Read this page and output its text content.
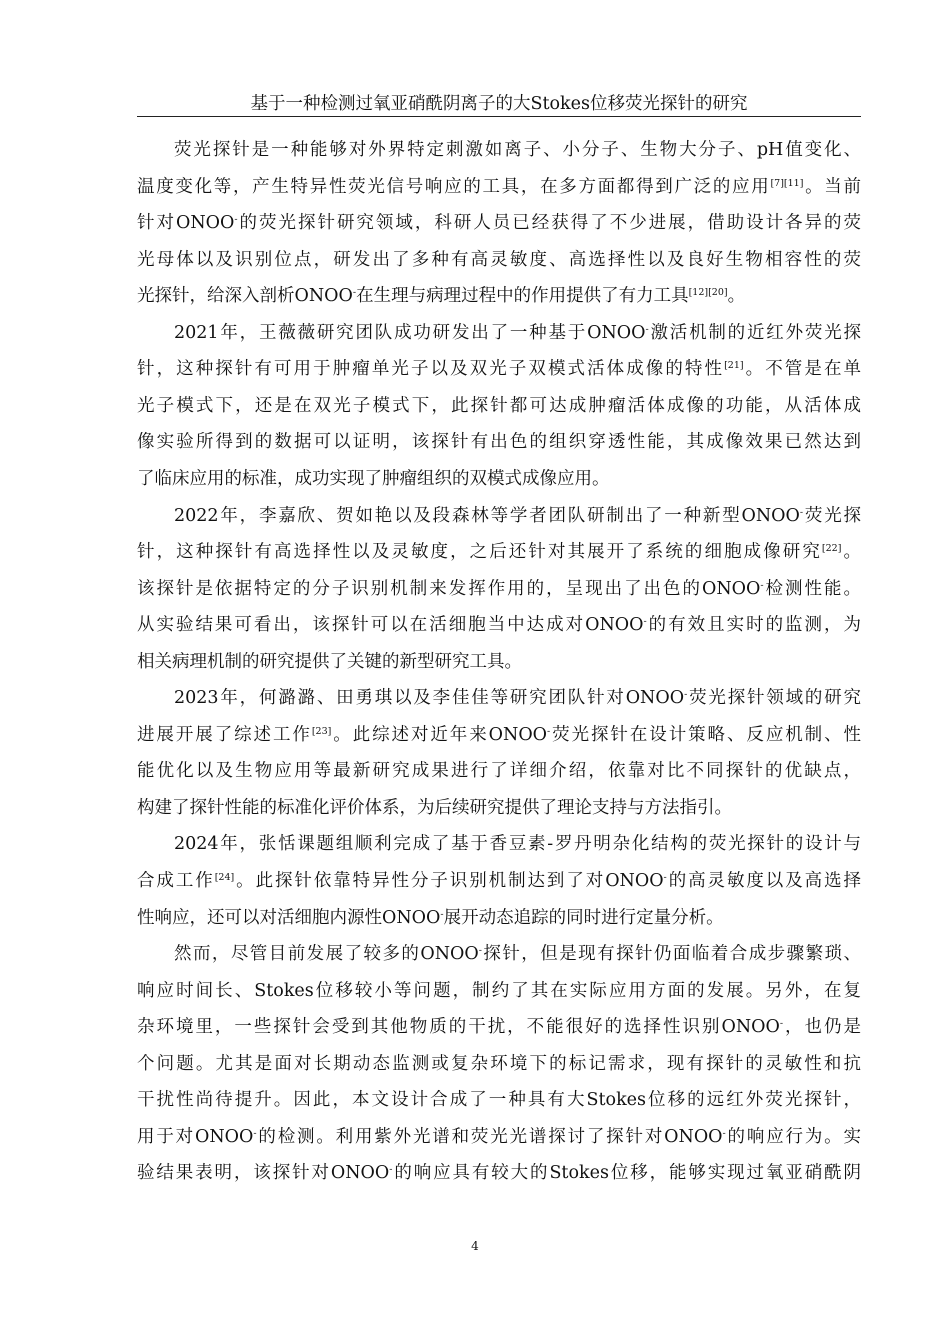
基于一种检测过氧亚硝酰阴离子的大Stokes位移荧光探针的研究
荧光探针是一种能够对外界特定刺激如离子、小分子、生物大分子、pH值变化、
温度变化等，产生特异性荧光信号响应的工具，在多方面都得到广泛的应用[7][11]。当前
针对ONOO-的荧光探针研究领域，科研人员已经获得了不少进展，借助设计各异的荧
光母体以及识别位点，研发出了多种有高灵敏度、高选择性以及良好生物相容性的荧
光探针，给深入剖析ONOO-在生理与病理过程中的作用提供了有力工具[12][20]。
2021年，王薇薇研究团队成功研发出了一种基于ONOO-激活机制的近红外荧光探
针，这种探针有可用于肿瘤单光子以及双光子双模式活体成像的特性[21]。不管是在单
光子模式下，还是在双光子模式下，此探针都可达成肿瘤活体成像的功能，从活体成
像实验所得到的数据可以证明，该探针有出色的组织穿透性能，其成像效果已然达到
了临床应用的标准，成功实现了肿瘤组织的双模式成像应用。
2022年，李嘉欣、贺如艳以及段森林等学者团队研制出了一种新型ONOO-荧光探
针，这种探针有高选择性以及灵敏度，之后还针对其展开了系统的细胞成像研究[22]。
该探针是依据特定的分子识别机制来发挥作用的，呈现出了出色的ONOO-检测性能。
从实验结果可看出，该探针可以在活细胞当中达成对ONOO-的有效且实时的监测，为
相关病理机制的研究提供了关键的新型研究工具。
2023年，何潞潞、田勇琪以及李佳佳等研究团队针对ONOO-荧光探针领域的研究
进展开展了综述工作[23]。此综述对近年来ONOO-荧光探针在设计策略、反应机制、性
能优化以及生物应用等最新研究成果进行了详细介绍，依靠对比不同探针的优缺点，
构建了探针性能的标准化评价体系，为后续研究提供了理论支持与方法指引。
2024年，张恬课题组顺利完成了基于香豆素-罗丹明杂化结构的荧光探针的设计与
合成工作[24]。此探针依靠特异性分子识别机制达到了对ONOO-的高灵敏度以及高选择
性响应，还可以对活细胞内源性ONOO-展开动态追踪的同时进行定量分析。
然而，尽管目前发展了较多的ONOO-探针，但是现有探针仍面临着合成步骤繁琐、
响应时间长、Stokes位移较小等问题，制约了其在实际应用方面的发展。另外，在复
杂环境里，一些探针会受到其他物质的干扰，不能很好的选择性识别ONOO-，也仍是
个问题。尤其是面对长期动态监测或复杂环境下的标记需求，现有探针的灵敏性和抗
干扰性尚待提升。因此，本文设计合成了一种具有大Stokes位移的远红外荧光探针，
用于对ONOO-的检测。利用紫外光谱和荧光光谱探讨了探针对ONOO-的响应行为。实
验结果表明，该探针对ONOO-的响应具有较大的Stokes位移，能够实现过氧亚硝酰阴
4
